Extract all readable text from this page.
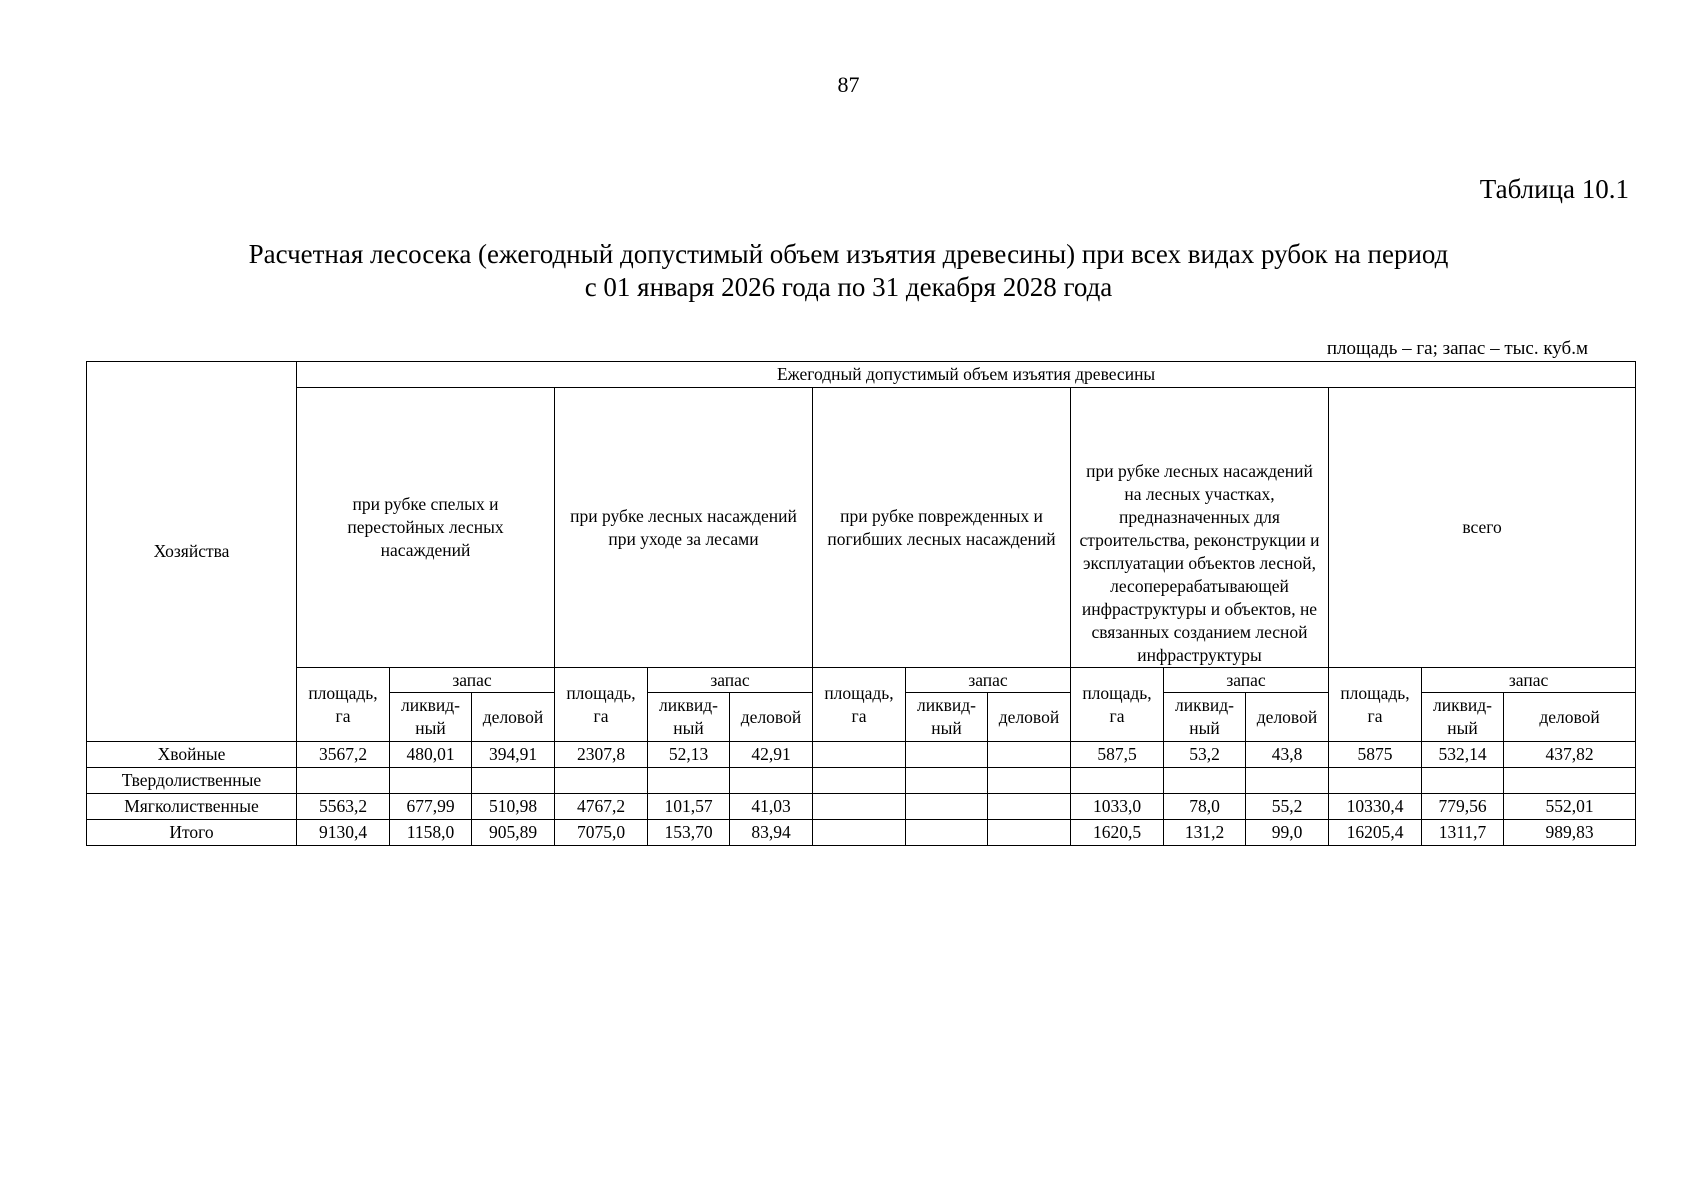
87
Таблица 10.1
Расчетная лесосека (ежегодный допустимый объем изъятия древесины) при всех видах рубок на период
с 01 января 2026 года по 31 декабря 2028 года
площадь – га; запас – тыс. куб.м
Хозяйства	Ежегодный допустимый объем изъятия древесины														
	при рубке спелых и перестойных лесных насаждений			при рубке лесных насаждений при уходе за лесами			при рубке поврежденных и погибших лесных насаждений			при рубке лесных насаждений на лесных участках, предназначенных для строительства, реконструкции и эксплуатации объектов лесной, лесоперерабатывающей инфраструктуры и объектов, не связанных созданием лесной инфраструктуры			всего		
	площадь, га	запас		площадь, га	запас		площадь, га	запас		площадь, га	запас		площадь, га	запас	
		ликвид-ный	деловой		ликвид-ный	деловой		ликвид-ный	деловой		ликвид-ный	деловой		ликвид-ный	деловой
Хвойные	3567,2	480,01	394,91	2307,8	52,13	42,91				587,5	53,2	43,8	5875	532,14	437,82
Твердолиственные															
Мягколиственные	5563,2	677,99	510,98	4767,2	101,57	41,03				1033,0	78,0	55,2	10330,4	779,56	552,01
Итого	9130,4	1158,0	905,89	7075,0	153,70	83,94				1620,5	131,2	99,0	16205,4	1311,7	989,83
